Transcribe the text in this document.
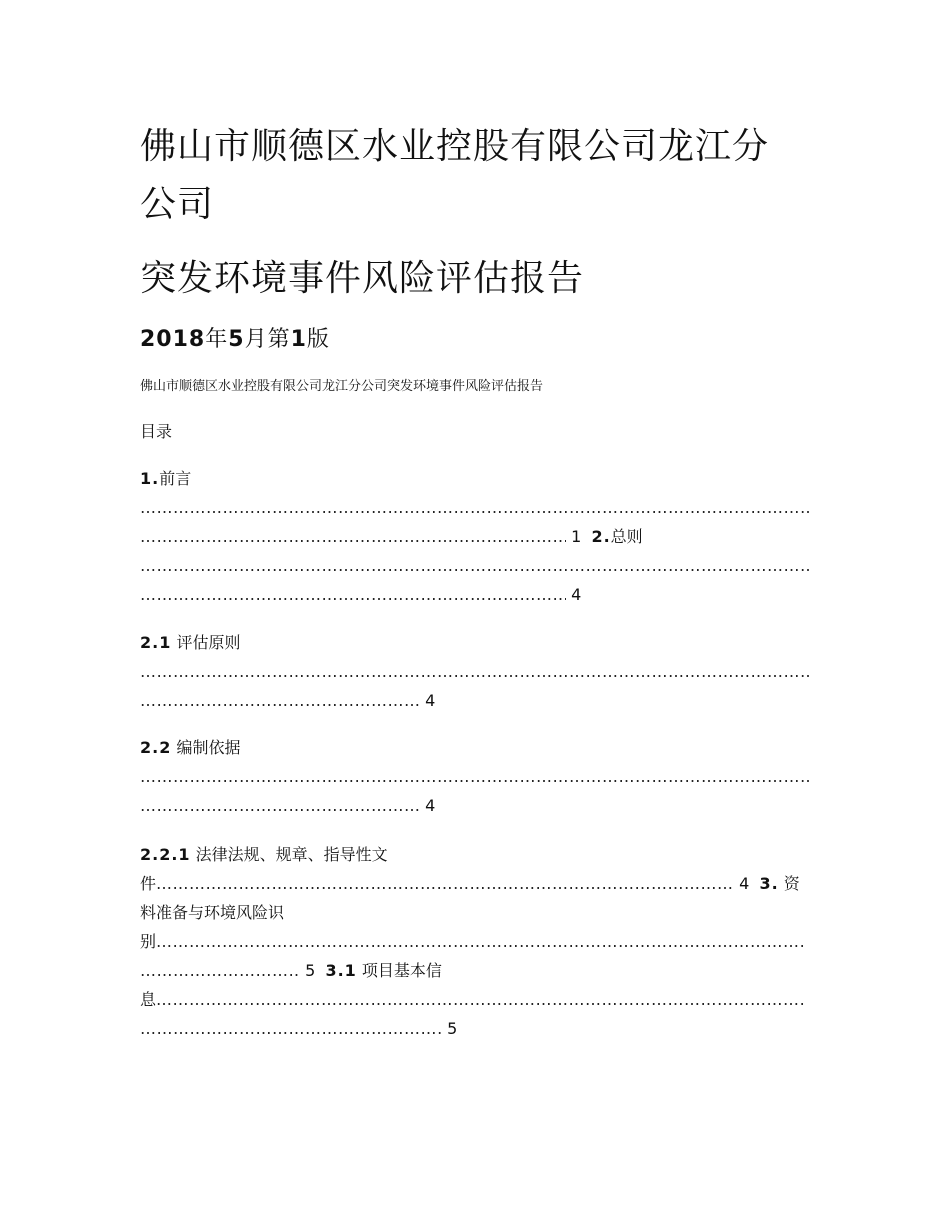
佛山市顺德区水业控股有限公司龙江分公司
突发环境事件风险评估报告
2018年5月第1版
佛山市顺德区水业控股有限公司龙江分公司突发环境事件风险评估报告
目录
1.前言
…………………………………………………………………………………………………………………………………………………………………………………………………
………………………………………………………………………………………………………………………………………………………………………………………………… 1 2.总则
…………………………………………………………………………………………………………………………………………………………………………………………………
………………………………………………………………………………………………………………………………………………………………………………………………… 4
2.1 评估原则
…………………………………………………………………………………………………………………………………………………………………………………………………
………………………………………………………………………………………………………………………………………………………………………………………………… 4
2.2 编制依据
…………………………………………………………………………………………………………………………………………………………………………………………………
………………………………………………………………………………………………………………………………………………………………………………………………… 4
2.2.1 法律法规、规章、指导性文
件 …………………………………………………………………………………………………………………………………………………………………………………………………	4 3. 资
料准备与环境风险识
别…………………………………………………………………………………………………………………………………………………………………………………………………
………………………………………………………………………………………………………………………………………………………………………………………………… 5 3.1 项目基本信
息…………………………………………………………………………………………………………………………………………………………………………………………………
………………………………………………………………………………………………………………………………………………………………………………………………… 5
